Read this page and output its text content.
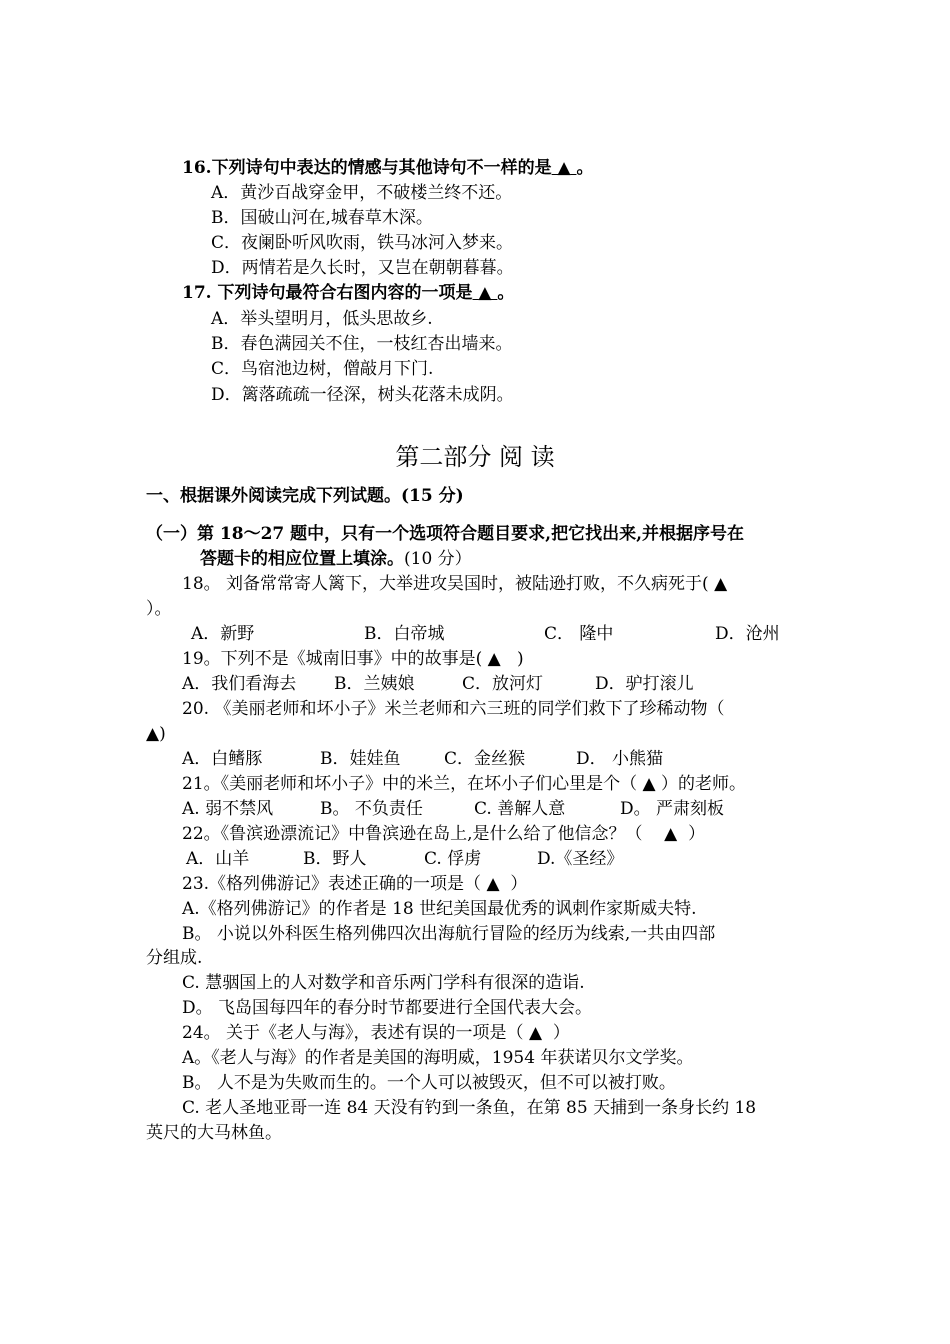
16.下列诗句中表达的情感与其他诗句不一样的是 ▲ 。
A．黄沙百战穿金甲，不破楼兰终不还。
B．国破山河在,城春草木深。
C．夜阑卧听风吹雨，铁马冰河入梦来。
D．两情若是久长时，又岂在朝朝暮暮。
17. 下列诗句最符合右图内容的一项是 ▲ 。
A．举头望明月，低头思故乡.
B．春色满园关不住，一枝红杏出墙来。
C．鸟宿池边树，僧敲月下门.
D．篱落疏疏一径深，树头花落未成阴。
第二部分 阅 读
一、根据课外阅读完成下列试题。(15 分)
（一）第 18～27 题中，只有一个选项符合题目要求,把它找出来,并根据序号在
答题卡的相应位置上填涂。(10 分）
18。 刘备常常寄人篱下，大举进攻吴国时，被陆逊打败，不久病死于( ▲
）。
A．新野	B．白帝城	C． 隆中	D．沧州
19。下列不是《城南旧事》中的故事是( ▲ )
A．我们看海去 B．兰姨娘	C．放河灯	D．驴打滚儿
20. 《美丽老师和坏小子》米兰老师和六三班的同学们救下了珍稀动物（
▲)
A．白鳍豚	B．娃娃鱼	C．金丝猴	D． 小熊猫
21。《美丽老师和坏小子》中的米兰，在坏小子们心里是个（ ▲ ）的老师。
A. 弱不禁风	B。 不负责任	C. 善解人意	D。 严肃刻板
22。《鲁滨逊漂流记》中鲁滨逊在岛上,是什么给了他信念？（ ▲ ）
A．山羊	B．野人	C. 俘虏	D.《圣经》
23.《格列佛游记》表述正确的一项是（ ▲ ）
A.《格列佛游记》的作者是 18 世纪美国最优秀的讽刺作家斯威夫特.
B。 小说以外科医生格列佛四次出海航行冒险的经历为线索,一共由四部
分组成.
C. 慧骃国上的人对数学和音乐两门学科有很深的造诣.
D。 飞岛国每四年的春分时节都要进行全国代表大会。
24。 关于《老人与海》，表述有误的一项是（ ▲ ）
A。《老人与海》的作者是美国的海明威，1954 年获诺贝尔文学奖。
B。 人不是为失败而生的。一个人可以被毁灭，但不可以被打败。
C. 老人圣地亚哥一连 84 天没有钓到一条鱼，在第 85 天捕到一条身长约 18
英尺的大马林鱼。
